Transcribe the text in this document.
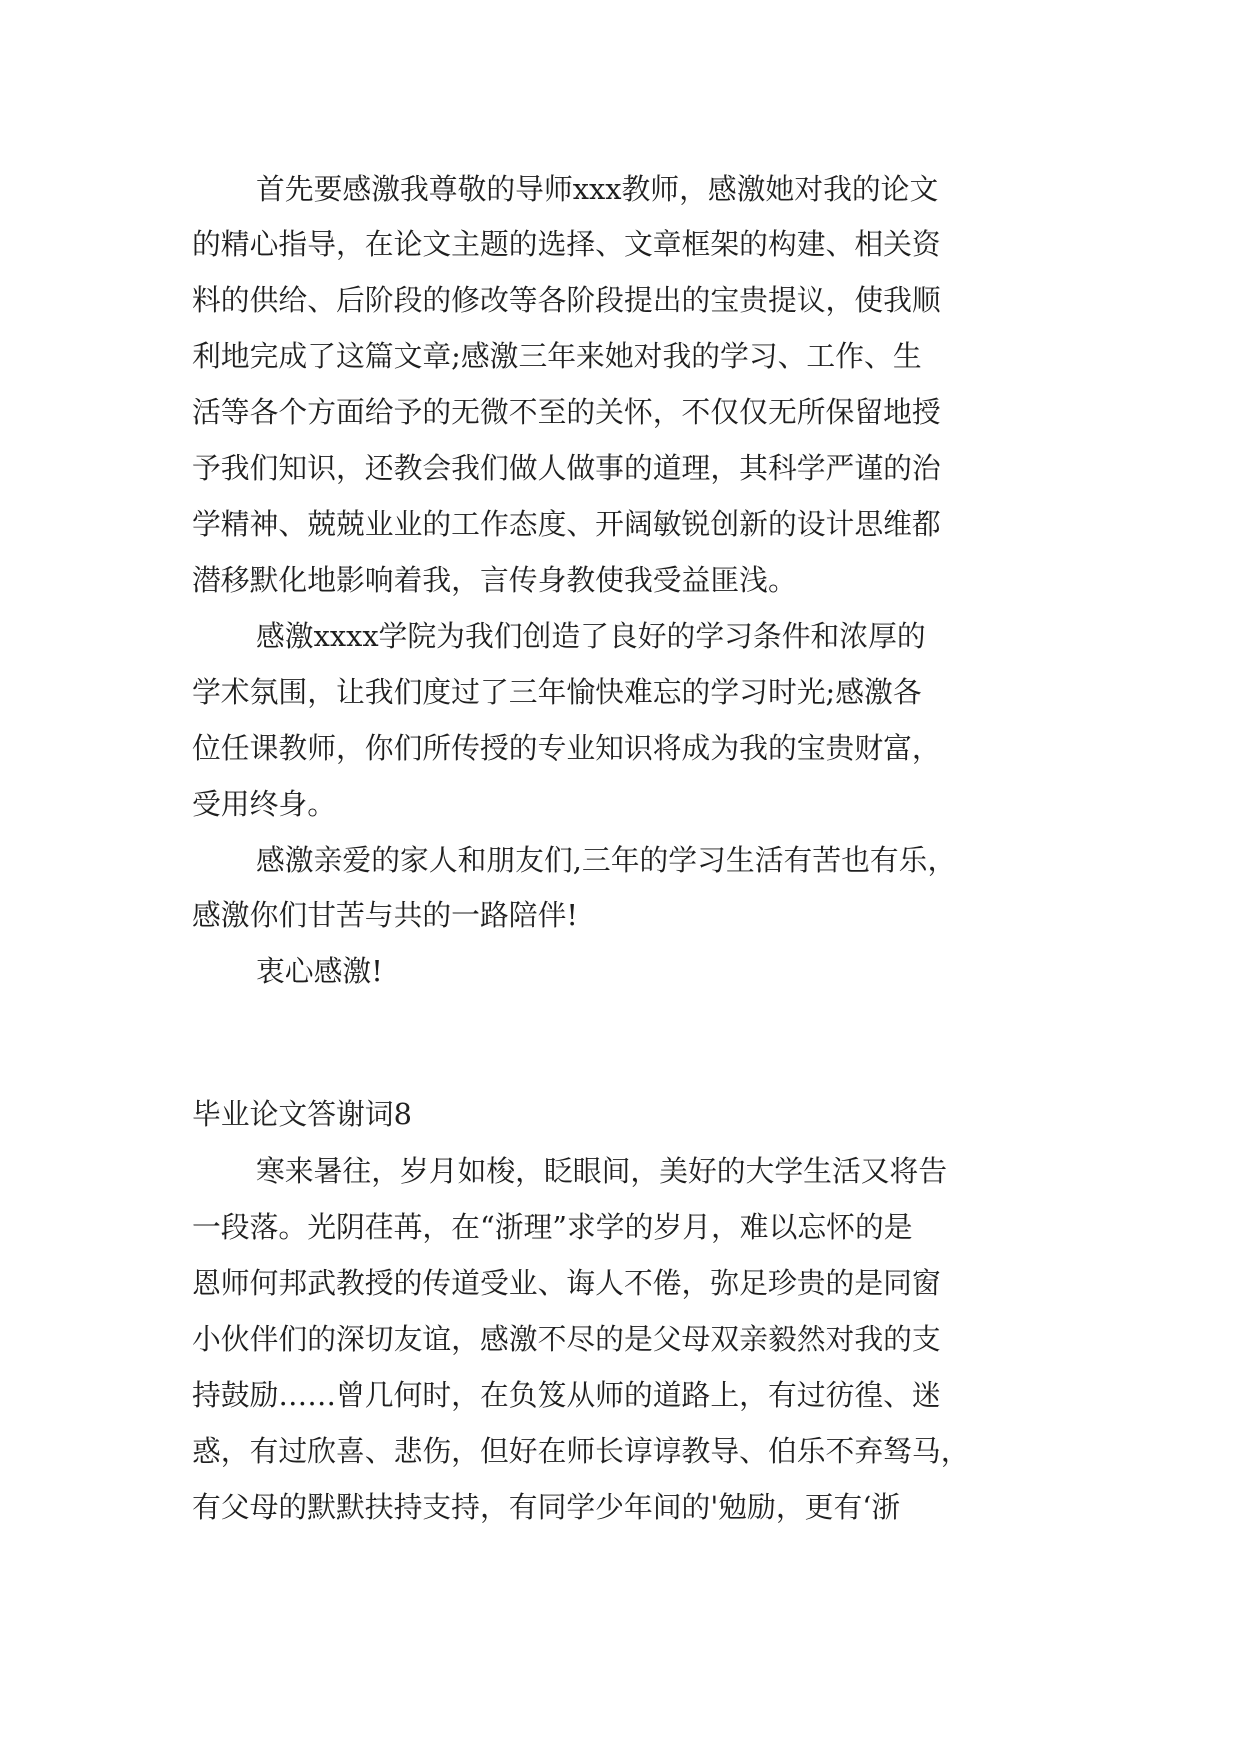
首先要感激我尊敬的导师xxx教师，感激她对我的论文
的精心指导，在论文主题的选择、文章框架的构建、相关资
料的供给、后阶段的修改等各阶段提出的宝贵提议，使我顺
利地完成了这篇文章;感激三年来她对我的学习、工作、生
活等各个方面给予的无微不至的关怀，不仅仅无所保留地授
予我们知识，还教会我们做人做事的道理，其科学严谨的治
学精神、兢兢业业的工作态度、开阔敏锐创新的设计思维都
潜移默化地影响着我，言传身教使我受益匪浅。
感激xxxx学院为我们创造了良好的学习条件和浓厚的
学术氛围，让我们度过了三年愉快难忘的学习时光;感激各
位任课教师，你们所传授的专业知识将成为我的宝贵财富，
受用终身。
感激亲爱的家人和朋友们,三年的学习生活有苦也有乐，
感激你们甘苦与共的一路陪伴!
衷心感激!
毕业论文答谢词8
寒来暑往，岁月如梭，眨眼间，美好的大学生活又将告
一段落。光阴荏苒，在“浙理”求学的岁月，难以忘怀的是
恩师何邦武教授的传道受业、诲人不倦，弥足珍贵的是同窗
小伙伴们的深切友谊，感激不尽的是父母双亲毅然对我的支
持鼓励……曾几何时，在负笈从师的道路上，有过彷徨、迷
惑，有过欣喜、悲伤，但好在师长谆谆教导、伯乐不弃驽马，
有父母的默默扶持支持，有同学少年间的'勉励，更有‘浙
